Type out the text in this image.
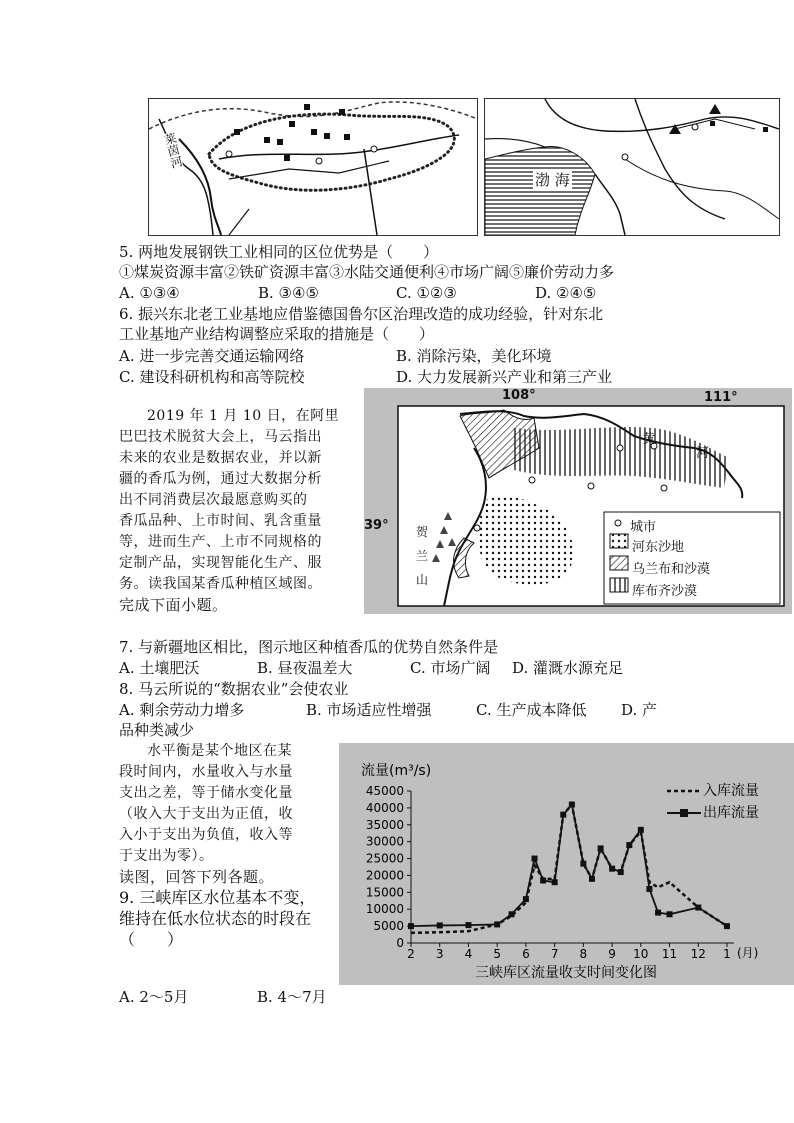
莱茵河
渤 海
5. 两地发展钢铁工业相同的区位优势是（　　）
①煤炭资源丰富②铁矿资源丰富③水陆交通便利④市场广阔⑤廉价劳动力多
A. ①③④	B. ③④⑤	C. ①②③	D. ②④⑤
6. 振兴东北老工业基地应借鉴德国鲁尔区治理改造的成功经验，针对东北
工业基地产业结构调整应采取的措施是（　　）
A. 进一步完善交通运输网络	B. 消除污染，美化环境
C. 建设科研机构和高等院校	D. 大力发展新兴产业和第三产业
2019 年 1 月 10 日，在阿里
巴巴技术脱贫大会上，马云指出
未来的农业是数据农业，并以新
疆的香瓜为例，通过大数据分析
出不同消费层次最愿意购买的
香瓜品种、上市时间、乳含重量
等，进而生产、上市不同规格的
定制产品，实现智能化生产、服
务。读我国某香瓜种植区域图。
完成下面小题。
108°	111°
39°
黄
河
贺兰山
城市
河东沙地
乌兰布和沙漠
库布齐沙漠
7. 与新疆地区相比，图示地区种植香瓜的优势自然条件是
A. 土壤肥沃	B. 昼夜温差大	C. 市场广阔 D. 灌溉水源充足
8. 马云所说的“数据农业”会使农业
A. 剩余劳动力增多	B. 市场适应性增强	C. 生产成本降低 D. 产
品种类减少
水平衡是某个地区在某
段时间内，水量收入与水量
支出之差，等于储水变化量
（收入大于支出为正值，收
入小于支出为负值，收入等
于支出为零）。
读图，回答下列各题。
9. 三峡库区水位基本不变，
维持在低水位状态的时段在
（　　）
A. 2～5月	B. 4～7月
0
5000
10000
15000
20000
25000
30000
35000
40000
45000
2 3 4 5 6 7 8 9 10 11 12 1
流量(m³/s)
(月)
三峡库区流量收支时间变化图
入库流量
出库流量
